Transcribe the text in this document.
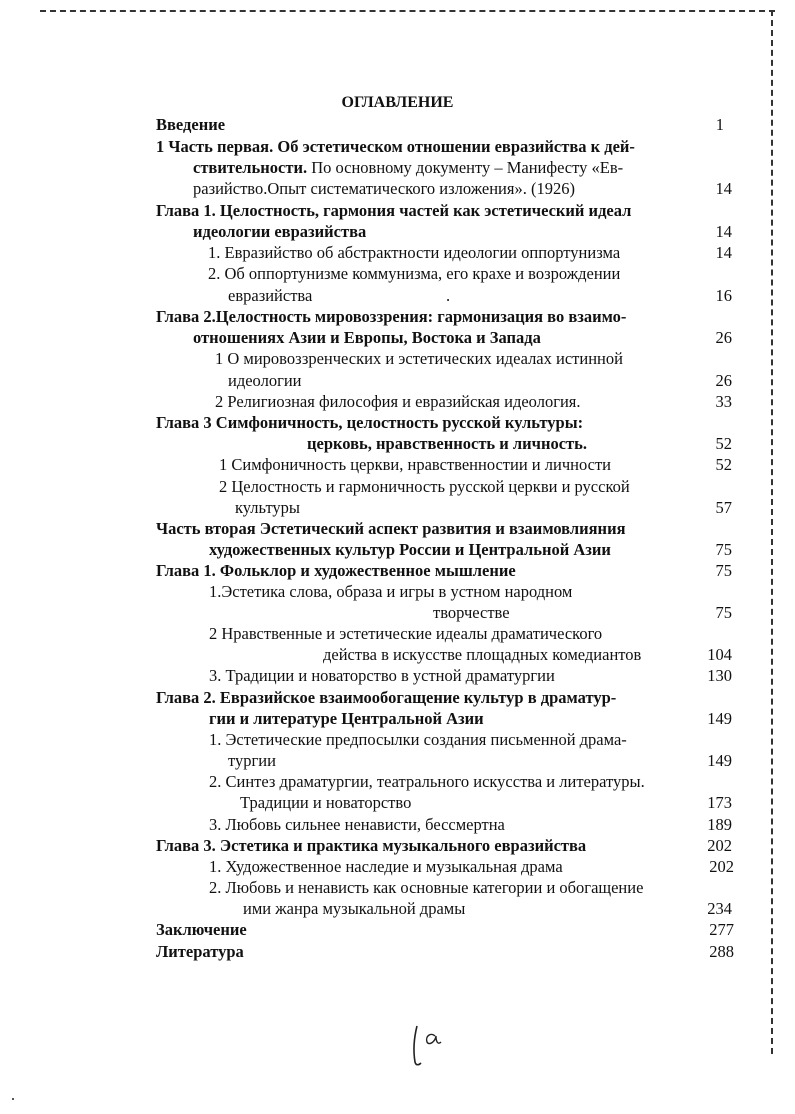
ОГЛАВЛЕНИЕ
Введение	1
1 Часть первая. Об эстетическом отношении евразийства к дей-
ствительности. По основному документу – Манифесту «Ев-
разийство.Опыт систематического изложения». (1926)	14
Глава 1. Целостность, гармония частей как эстетический идеал
идеологии евразийства	14
1. Евразийство об абстрактности идеологии оппортунизма	14
2. Об оппортунизме коммунизма, его крахе и возрождении
евразийства	.	16
Глава 2.Целостность мировоззрения: гармонизация во взаимо-
отношениях Азии и Европы, Востока и Запада	26
1 О мировоззренческих и эстетических идеалах истинной
идеологии	26
2 Религиозная философия и евразийская идеология.	33
Глава 3 Симфоничность, целостность русской культуры:
церковь, нравственность и личность.	52
1 Симфоничность церкви, нравственностии и личности	52
2 Целостность и гармоничность русской церкви и русской
культуры	57
Часть вторая Эстетический аспект развития и взаимовлияния
художественных культур России и Центральной Азии	75
Глава 1. Фольклор и художественное мышление	75
1.Эстетика слова, образа и игры в устном народном
творчестве	75
2 Нравственные и эстетические идеалы драматического
действа в искусстве площадных комедиантов	104
3. Традиции и новаторство в устной драматургии	130
Глава 2. Евразийское взаимообогащение культур в драматур-
гии и литературе Центральной Азии	149
1. Эстетические предпосылки создания письменной драма-
тургии	149
2. Синтез драматургии, театрального искусства и литературы.
Традиции и новаторство	173
3. Любовь сильнее ненависти, бессмертна	189
Глава 3. Эстетика и практика музыкального евразийства	202
1. Художественное наследие и музыкальная драма	202
2. Любовь и ненависть как основные категории и обогащение
ими жанра музыкальной драмы	234
Заключение	277
Литература	288
